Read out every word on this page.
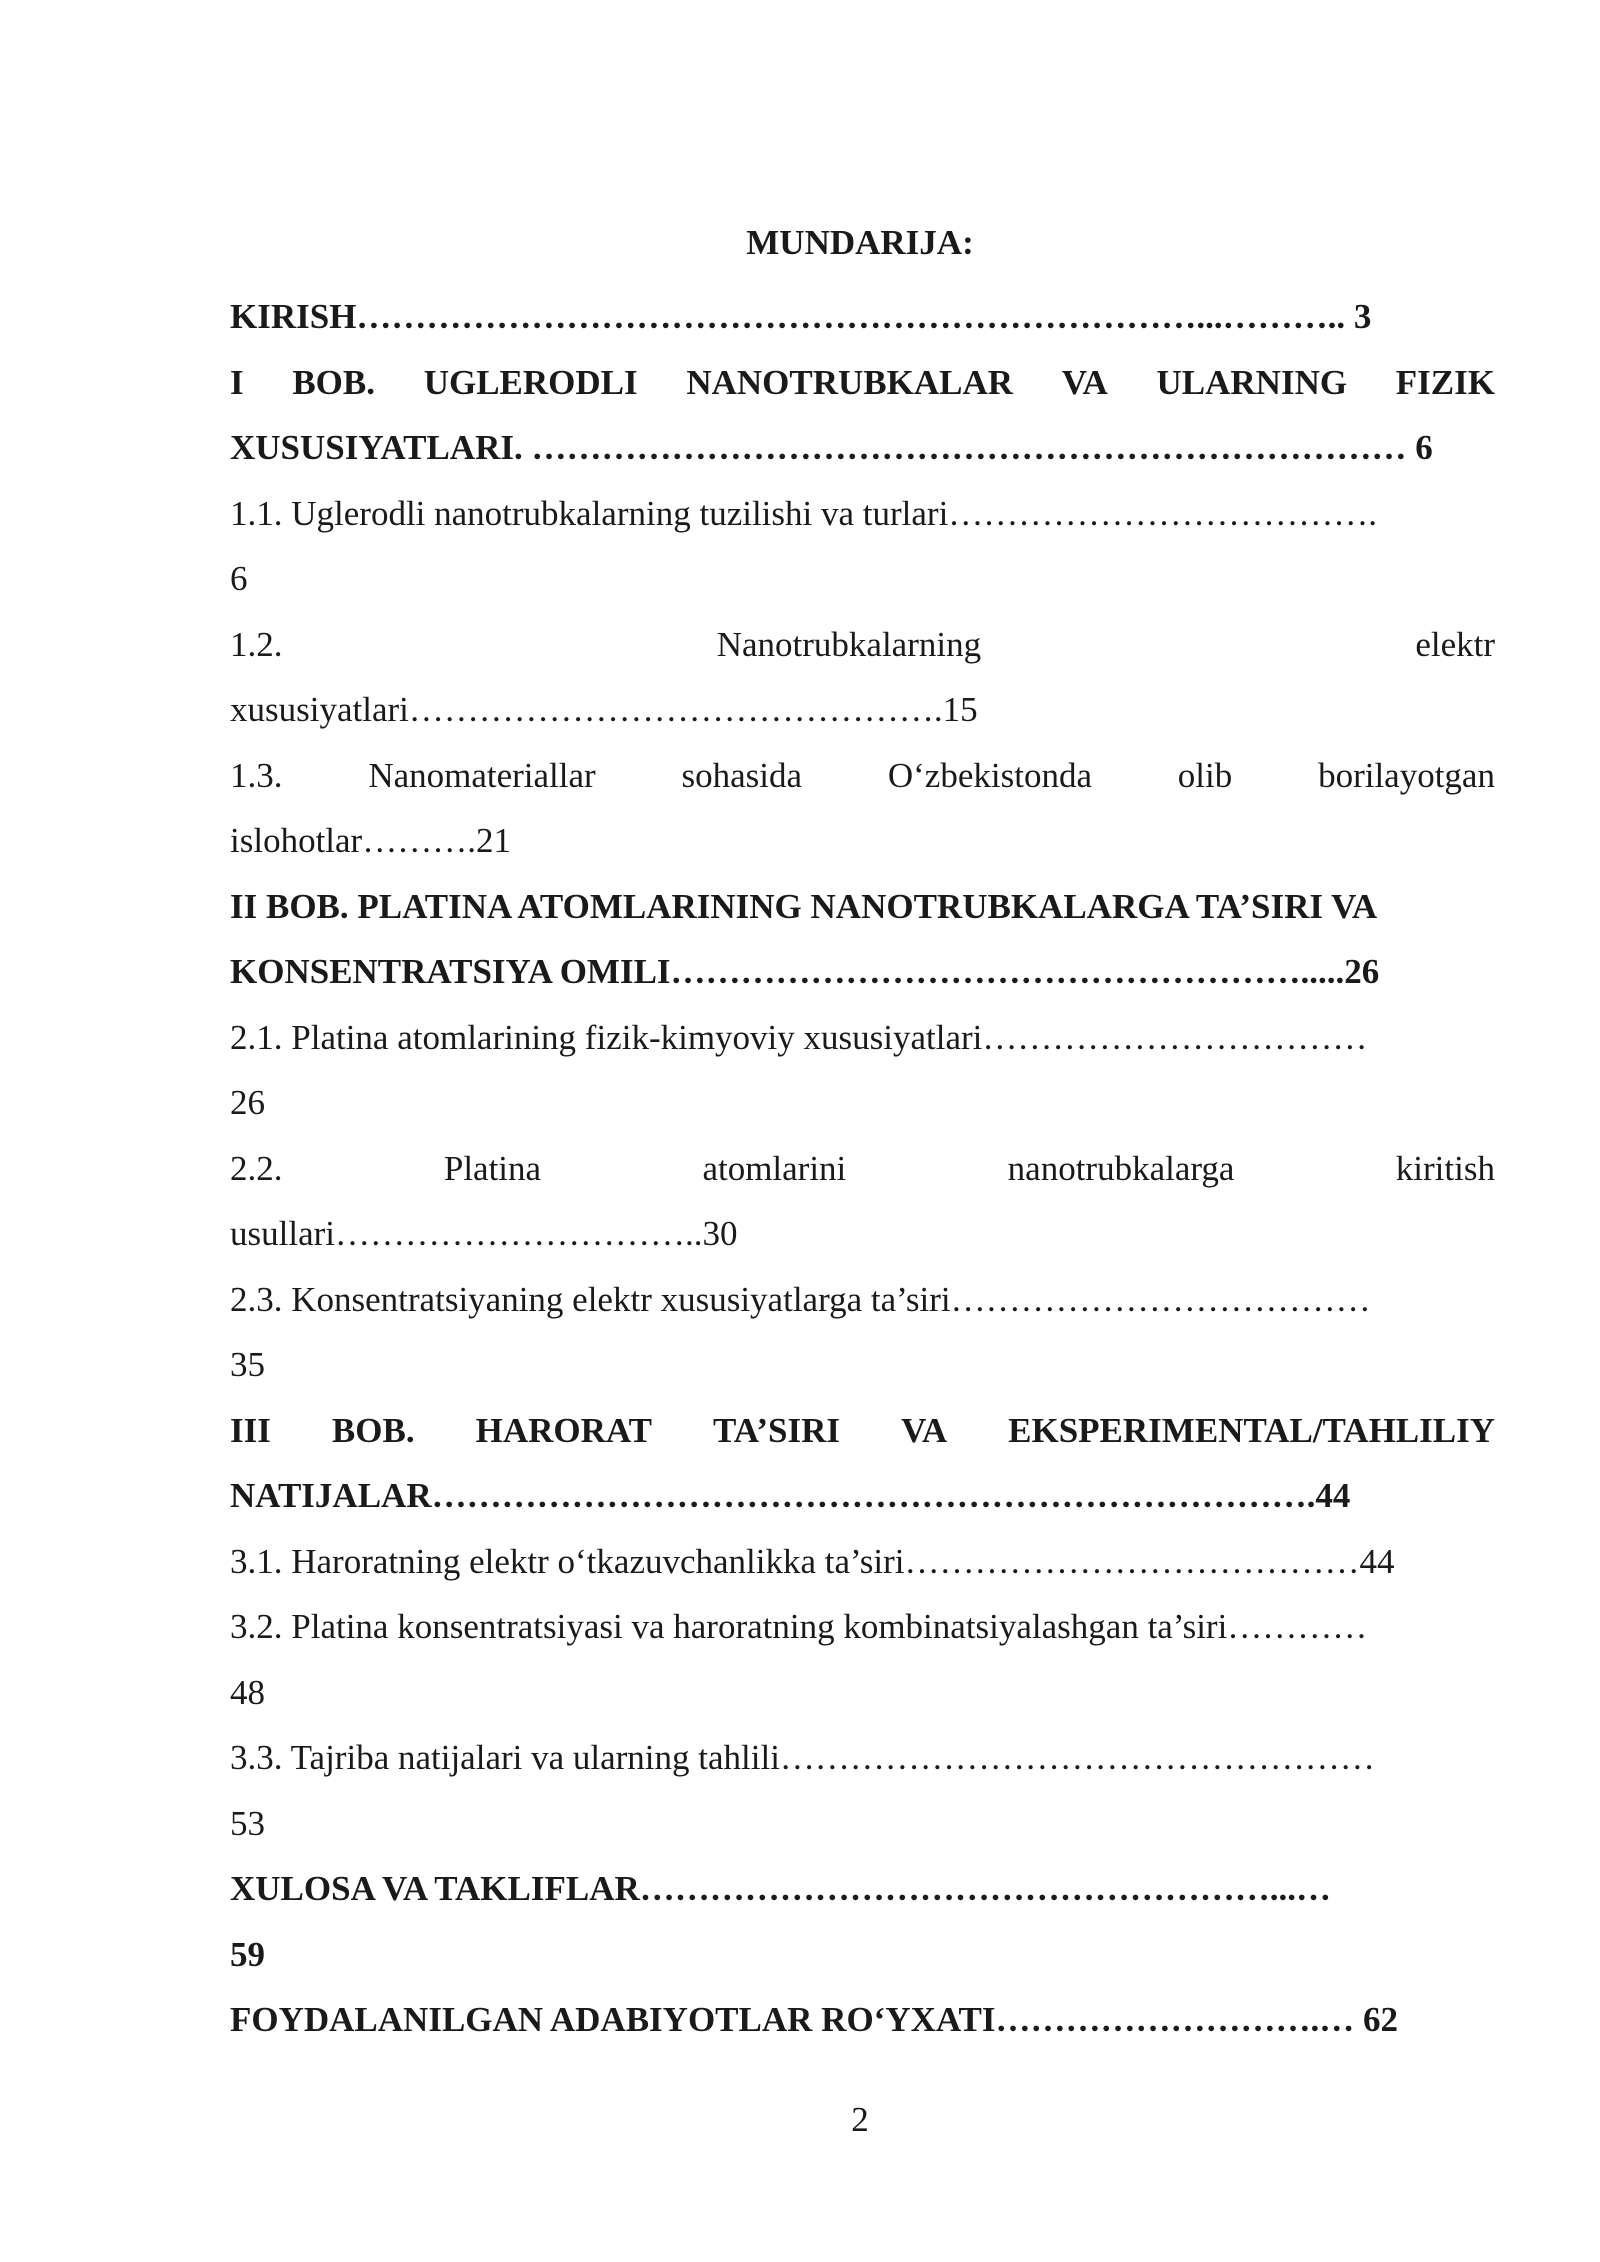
MUNDARIJA:
KIRISH………………………………………………………………...……….. 3
I BOB. UGLERODLI NANOTRUBKALAR VA ULARNING FIZIK
XUSUSIYATLARI. ………………………………………………………………… 6
1.1. Uglerodli nanotrubkalarning tuzilishi va turlari……………………………….
6
1.2.	Nanotrubkalarning	elektr
xususiyatlari……………………………………….15
1.3. Nanomateriallar sohasida O‘zbekistonda olib borilayotgan
islohotlar……….21
II BOB. PLATINA ATOMLARINING NANOTRUBKALARGA TA’SIRI VA
KONSENTRATSIYA OMILI……………………………………………….....26
2.1. Platina atomlarining fizik-kimyoviy xususiyatlari……………………………
26
2.2.	Platina	atomlarini	nanotrubkalarga	kiritish
usullari…………………………..30
2.3. Konsentratsiyaning elektr xususiyatlarga ta’siri………………………………
35
III BOB. HARORAT TA’SIRI VA EKSPERIMENTAL/TAHLILIY
NATIJALAR………………………………………………………………….44
3.1. Haroratning elektr o‘tkazuvchanlikka ta’siri…………………………………44
3.2. Platina konsentratsiyasi va haroratning kombinatsiyalashgan ta’siri…………
48
3.3. Tajriba natijalari va ularning tahlili……………………………………………
53
XULOSA VA TAKLIFLAR………………………………………………...…
59
FOYDALANILGAN ADABIYOTLAR RO‘YXATI……………………….… 62
2
